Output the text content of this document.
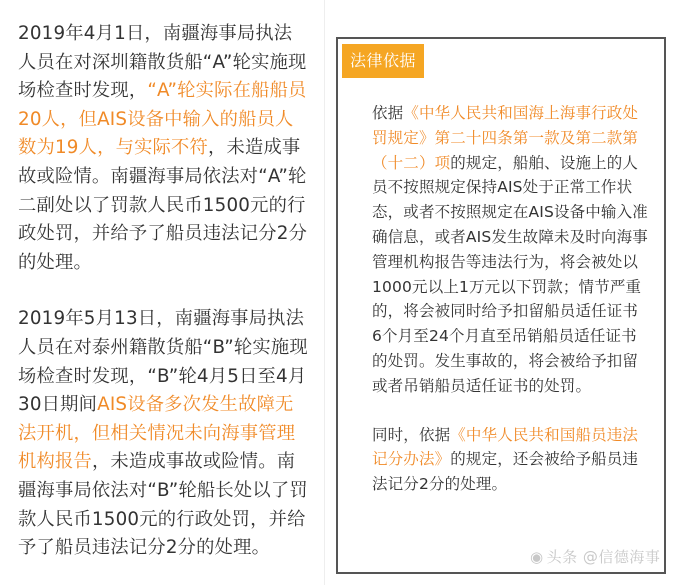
2019年4月1日，南疆海事局执法人员在对深圳籍散货船“A”轮实施现场检查时发现，“A”轮实际在船船员20人，但AIS设备中输入的船员人数为19人，与实际不符，未造成事故或险情。南疆海事局依法对“A”轮二副处以了罚款人民币1500元的行政处罚，并给予了船员违法记分2分的处理。

2019年5月13日，南疆海事局执法人员在对泰州籍散货船“B”轮实施现场检查时发现，“B”轮4月5日至4月30日期间AIS设备多次发生故障无法开机，但相关情况未向海事管理机构报告，未造成事故或险情。南疆海事局依法对“B”轮船长处以了罚款人民币1500元的行政处罚，并给予了船员违法记分2分的处理。

法律依据

依据《中华人民共和国海上海事行政处罚规定》第二十四条第一款及第二款第（十二）项的规定，船舶、设施上的人员不按照规定保持AIS处于正常工作状态，或者不按照规定在AIS设备中输入准确信息，或者AIS发生故障未及时向海事管理机构报告等违法行为，将会被处以1000元以上1万元以下罚款；情节严重的，将会被同时给予扣留船员适任证书6个月至24个月直至吊销船员适任证书的处罚。发生事故的，将会被给予扣留或者吊销船员适任证书的处罚。

同时，依据《中华人民共和国船员违法记分办法》的规定，还会被给予船员违法记分2分的处理。

◉ 头条 @信德海事
